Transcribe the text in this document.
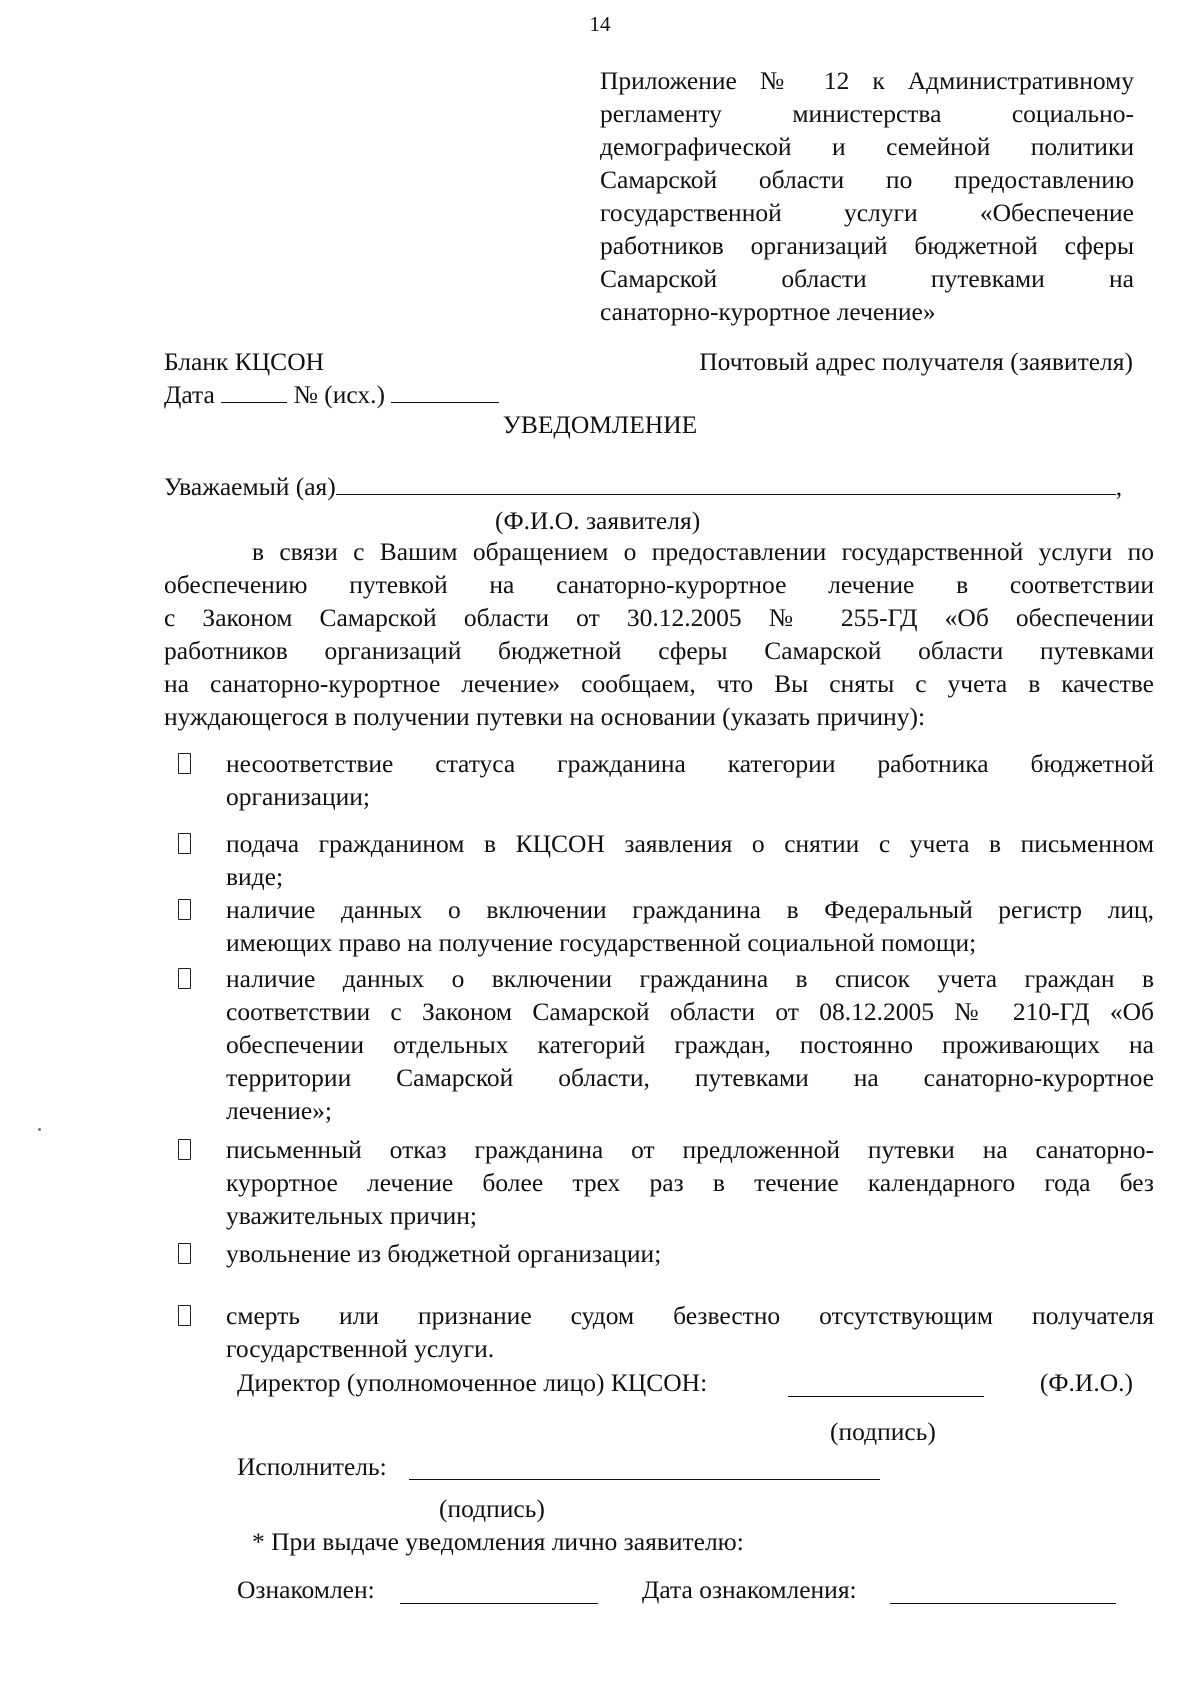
14
Приложение № 12 к Административному
регламенту министерства социально-
демографической и семейной политики
Самарской области по предоставлению
государственной услуги «Обеспечение
работников организаций бюджетной сферы
Самарской области путевками на
санаторно-курортное лечение»
Бланк КЦСОН	Почтовый адрес получателя (заявителя)
Дата	№ (исх.)
УВЕДОМЛЕНИЕ
Уважаемый (ая)	,
(Ф.И.О. заявителя)
в связи с Вашим обращением о предоставлении государственной услуги по
обеспечению путевкой на санаторно-курортное лечение в соответствии
с Законом Самарской области от 30.12.2005 № 255-ГД «Об обеспечении
работников организаций бюджетной сферы Самарской области путевками
на санаторно-курортное лечение» сообщаем, что Вы сняты с учета в качестве
нуждающегося в получении путевки на основании (указать причину):
несоответствие статуса гражданина категории работника бюджетной
организации;
подача гражданином в КЦСОН заявления о снятии с учета в письменном
виде;
наличие данных о включении гражданина в Федеральный регистр лиц,
имеющих право на получение государственной социальной помощи;
наличие данных о включении гражданина в список учета граждан в
соответствии с Законом Самарской области от 08.12.2005 № 210-ГД «Об
обеспечении отдельных категорий граждан, постоянно проживающих на
территории Самарской области, путевками на санаторно-курортное
лечение»;
письменный отказ гражданина от предложенной путевки на санаторно-
курортное лечение более трех раз в течение календарного года без
уважительных причин;
увольнение из бюджетной организации;
смерть или признание судом безвестно отсутствующим получателя
государственной услуги.
Директор (уполномоченное лицо) КЦСОН:	(Ф.И.О.)
(подпись)
Исполнитель:
(подпись)
* При выдаче уведомления лично заявителю:
Ознакомлен:	Дата ознакомления:
